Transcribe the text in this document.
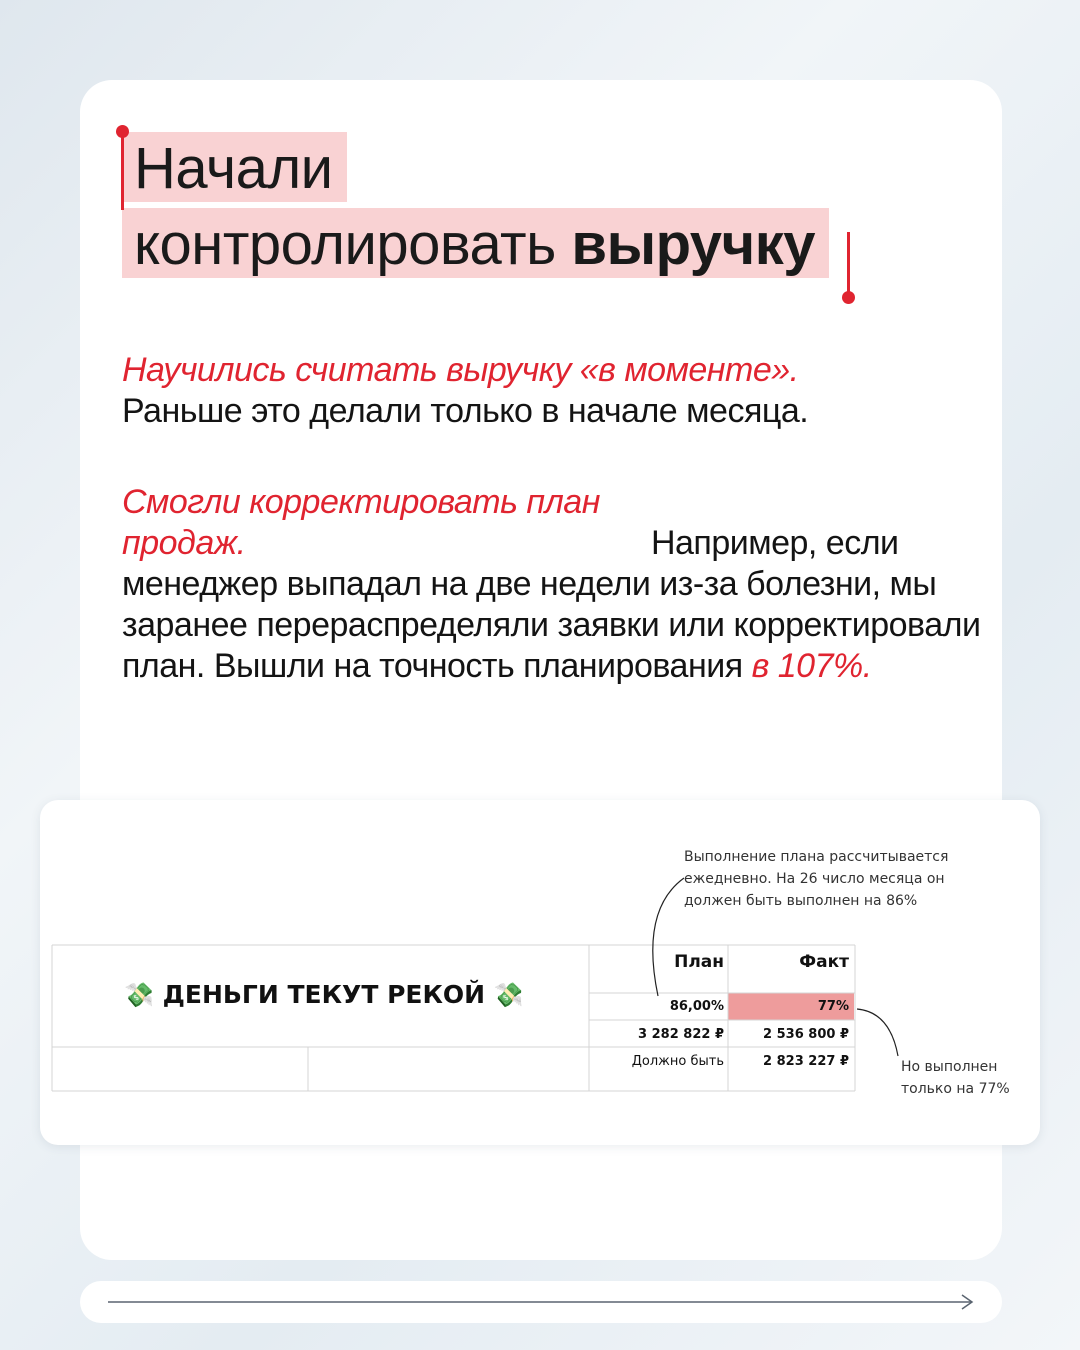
Начали
контролировать выручку
Научились считать выручку «в моменте».
Раньше это делали только в начале месяца.
Смогли корректировать план продаж.	Например, если менеджер выпадал на две недели из-за болезни, мы заранее перераспределяли заявки или корректировали план. Вышли на точность планирования в 107%.
Выполнение плана рассчитывается ежедневно. На 26 число месяца он должен быть выполнен на 86%
Но выполнен только на 77%
💸 ДЕНЬГИ ТЕКУТ РЕКОЙ 💸
План	Факт
86,00%	77%
3 282 822 ₽	2 536 800 ₽
Должно быть	2 823 227 ₽
